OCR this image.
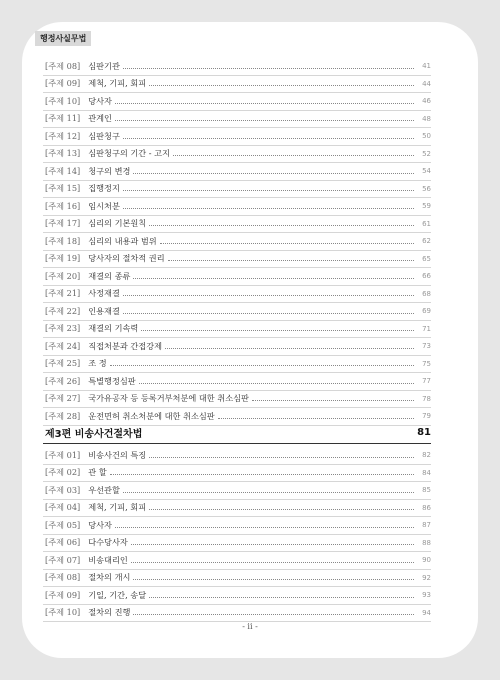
행정사실무법
[주제 08] 심판기관	41
[주제 09] 제척, 기피, 회피	44
[주제 10] 당사자	46
[주제 11] 관계인	48
[주제 12] 심판청구	50
[주제 13] 심판청구의 기간 - 고지	52
[주제 14] 청구의 변경	54
[주제 15] 집행정지	56
[주제 16] 임시처분	59
[주제 17] 심리의 기본원칙	61
[주제 18] 심리의 내용과 범위	62
[주제 19] 당사자의 절차적 권리	65
[주제 20] 재결의 종류	66
[주제 21] 사정재결	68
[주제 22] 인용재결	69
[주제 23] 재결의 기속력	71
[주제 24] 직접처분과 간접강제	73
[주제 25] 조 정	75
[주제 26] 특별행정심판	77
[주제 27] 국가유공자 등 등록거부처분에 대한 취소심판	78
[주제 28] 운전면허 취소처분에 대한 취소심판	79
제3편 비송사건절차법	81
[주제 01] 비송사건의 특징	82
[주제 02] 관 할	84
[주제 03] 우선관할	85
[주제 04] 제척, 기피, 회피	86
[주제 05] 당사자	87
[주제 06] 다수당사자	88
[주제 07] 비송대리인	90
[주제 08] 절차의 개시	92
[주제 09] 기일, 기간, 송달	93
[주제 10] 절차의 진행	94
- ii -
